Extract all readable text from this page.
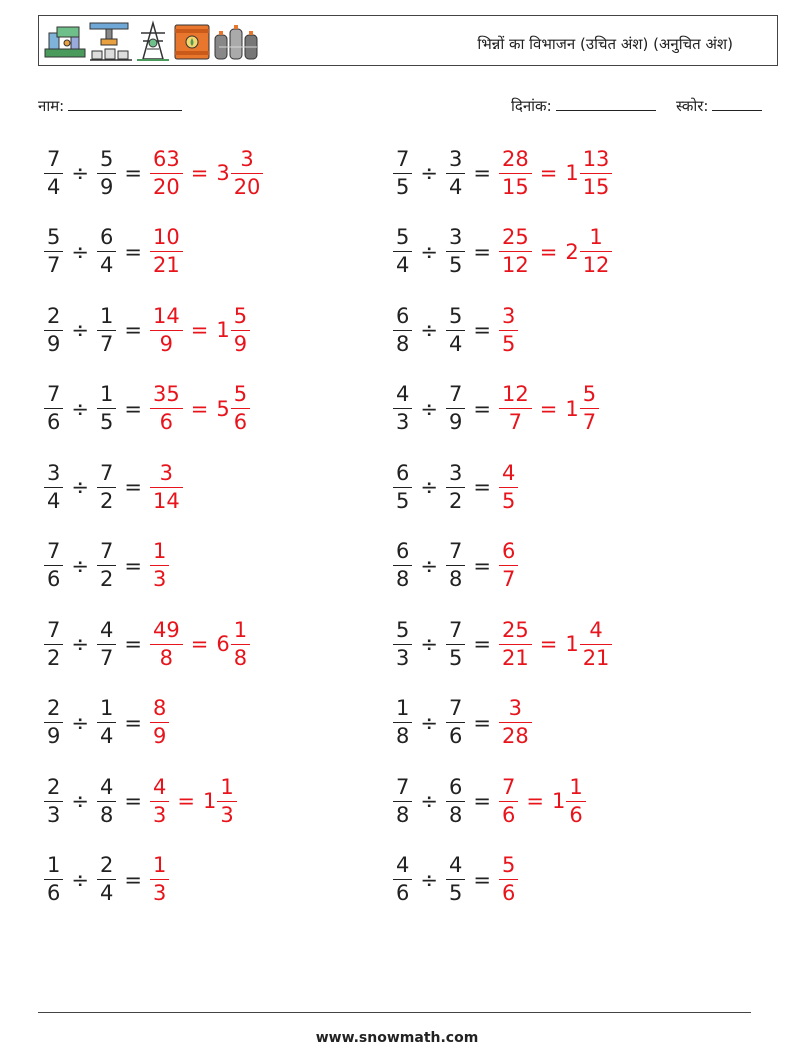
भिन्नों का विभाजन (उचित अंश) (अनुचित अंश)
नाम:	दिनांक:	स्कोर:
$\frac{7}{4} \div \frac{5}{9} = \frac{63}{20} = 3 \frac{3}{20}$	$\frac{7}{5} \div \frac{3}{4} = \frac{28}{15} = 1 \frac{13}{15}$
$\frac{5}{7} \div \frac{6}{4} = \frac{10}{21}$	$\frac{5}{4} \div \frac{3}{5} = \frac{25}{12} = 2 \frac{1}{12}$
$\frac{2}{9} \div \frac{1}{7} = \frac{14}{9} = 1 \frac{5}{9}$	$\frac{6}{8} \div \frac{5}{4} = \frac{3}{5}$
$\frac{7}{6} \div \frac{1}{5} = \frac{35}{6} = 5 \frac{5}{6}$	$\frac{4}{3} \div \frac{7}{9} = \frac{12}{7} = 1 \frac{5}{7}$
$\frac{3}{4} \div \frac{7}{2} = \frac{3}{14}$	$\frac{6}{5} \div \frac{3}{2} = \frac{4}{5}$
$\frac{7}{6} \div \frac{7}{2} = \frac{1}{3}$	$\frac{6}{8} \div \frac{7}{8} = \frac{6}{7}$
$\frac{7}{2} \div \frac{4}{7} = \frac{49}{8} = 6 \frac{1}{8}$	$\frac{5}{3} \div \frac{7}{5} = \frac{25}{21} = 1 \frac{4}{21}$
$\frac{2}{9} \div \frac{1}{4} = \frac{8}{9}$	$\frac{1}{8} \div \frac{7}{6} = \frac{3}{28}$
$\frac{2}{3} \div \frac{4}{8} = \frac{4}{3} = 1 \frac{1}{3}$	$\frac{7}{8} \div \frac{6}{8} = \frac{7}{6} = 1 \frac{1}{6}$
$\frac{1}{6} \div \frac{2}{4} = \frac{1}{3}$	$\frac{4}{6} \div \frac{4}{5} = \frac{5}{6}$
www.snowmath.com
